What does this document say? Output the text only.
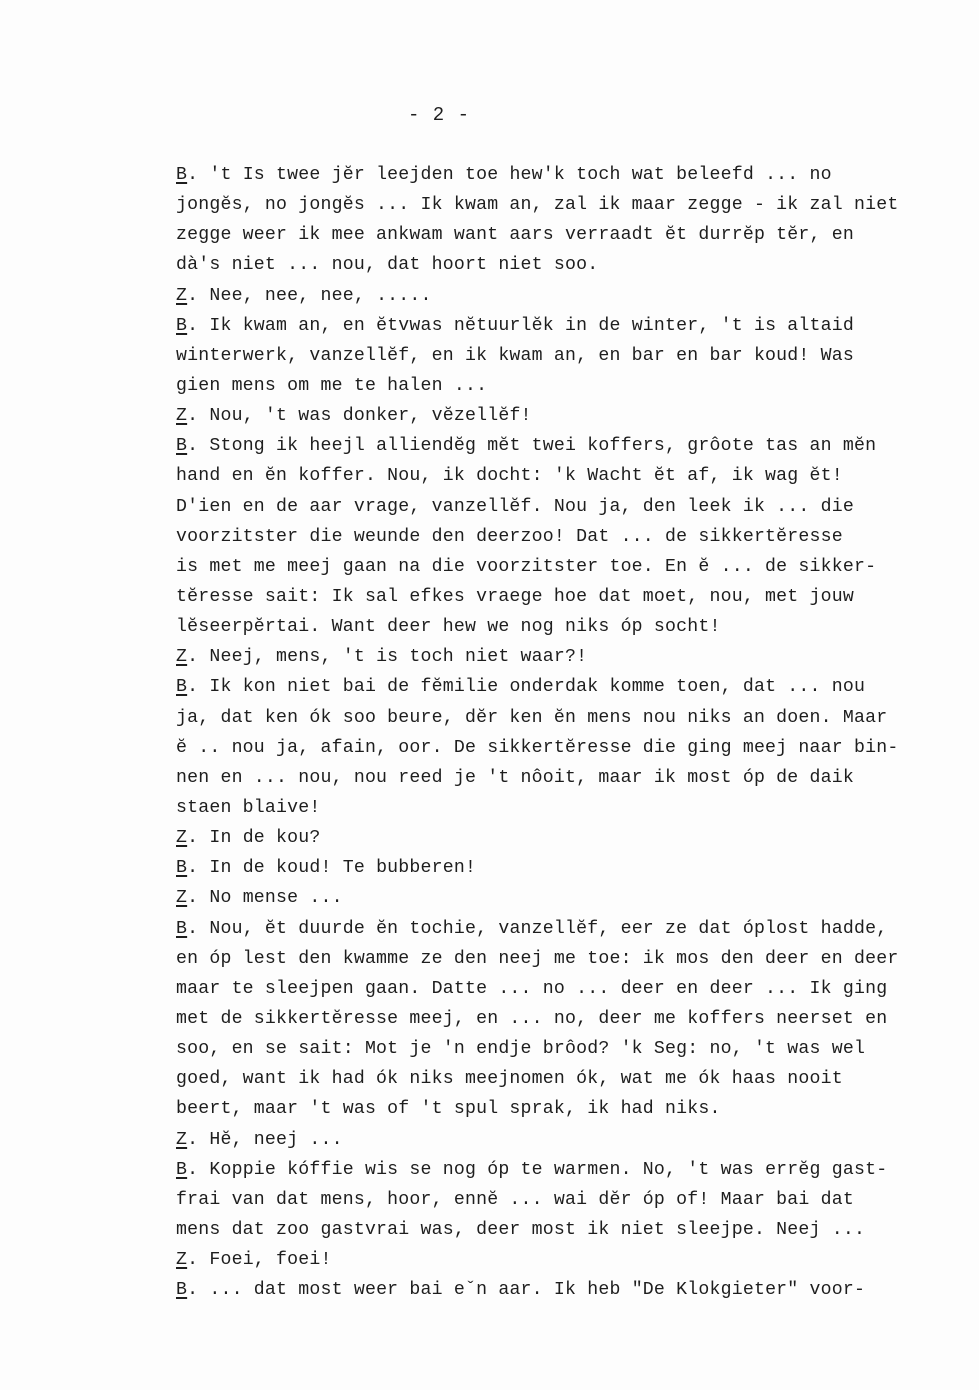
- 2 -
B. 't Is twee jĕr leejden toe hew'k toch wat beleefd ... no
jongĕs, no jongĕs ... Ik kwam an, zal ik maar zegge - ik zal niet
zegge weer ik mee ankwam want aars verraadt ĕt durrĕp tĕr, en
dà's niet ... nou, dat hoort niet soo.
Z. Nee, nee, nee, .....
B. Ik kwam an, en ĕtvwas nĕtuurlĕk in de winter, 't is altaid
winterwerk, vanzellĕf, en ik kwam an, en bar en bar koud! Was
gien mens om me te halen ...
Z. Nou, 't was donker, vĕzellĕf!
B. Stong ik heejl alliendĕg mĕt twei koffers, grôote tas an mĕn
hand en ĕn koffer. Nou, ik docht: 'k Wacht ĕt af, ik wag ĕt!
D'ien en de aar vrage, vanzellĕf. Nou ja, den leek ik ... die
voorzitster die weunde den deerzoo! Dat ... de sikkertĕresse
is met me meej gaan na die voorzitster toe. En ĕ ... de sikker-
tĕresse sait: Ik sal efkes vraege hoe dat moet, nou, met jouw
lĕseerpĕrtai. Want deer hew we nog niks óp socht!
Z. Neej, mens, 't is toch niet waar?!
B. Ik kon niet bai de fĕmilie onderdak komme toen, dat ... nou
ja, dat ken ók soo beure, dĕr ken ĕn mens nou niks an doen. Maar
ĕ .. nou ja, afain, oor. De sikkertĕresse die ging meej naar bin-
nen en ... nou, nou reed je 't nôoit, maar ik most óp de daik
staen blaive!
Z. In de kou?
B. In de koud! Te bubberen!
Z. No mense ...
B. Nou, ĕt duurde ĕn tochie, vanzellĕf, eer ze dat óplost hadde,
en óp lest den kwamme ze den neej me toe: ik mos den deer en deer
maar te sleejpen gaan. Datte ... no ... deer en deer ... Ik ging
met de sikkertĕresse meej, en ... no, deer me koffers neerset en
soo, en se sait: Mot je 'n endje brôod? 'k Seg: no, 't was wel
goed, want ik had ók niks meejnomen ók, wat me ók haas nooit
beert, maar 't was of 't spul sprak, ik had niks.
Z. Hĕ, neej ...
B. Koppie kóffie wis se nog óp te warmen. No, 't was errĕg gast-
frai van dat mens, hoor, ennĕ ... wai dĕr óp of! Maar bai dat
mens dat zoo gastvrai was, deer most ik niet sleejpe. Neej ...
Z. Foei, foei!
B. ... dat most weer bai eˇn aar. Ik heb "De Klokgieter" voor-
